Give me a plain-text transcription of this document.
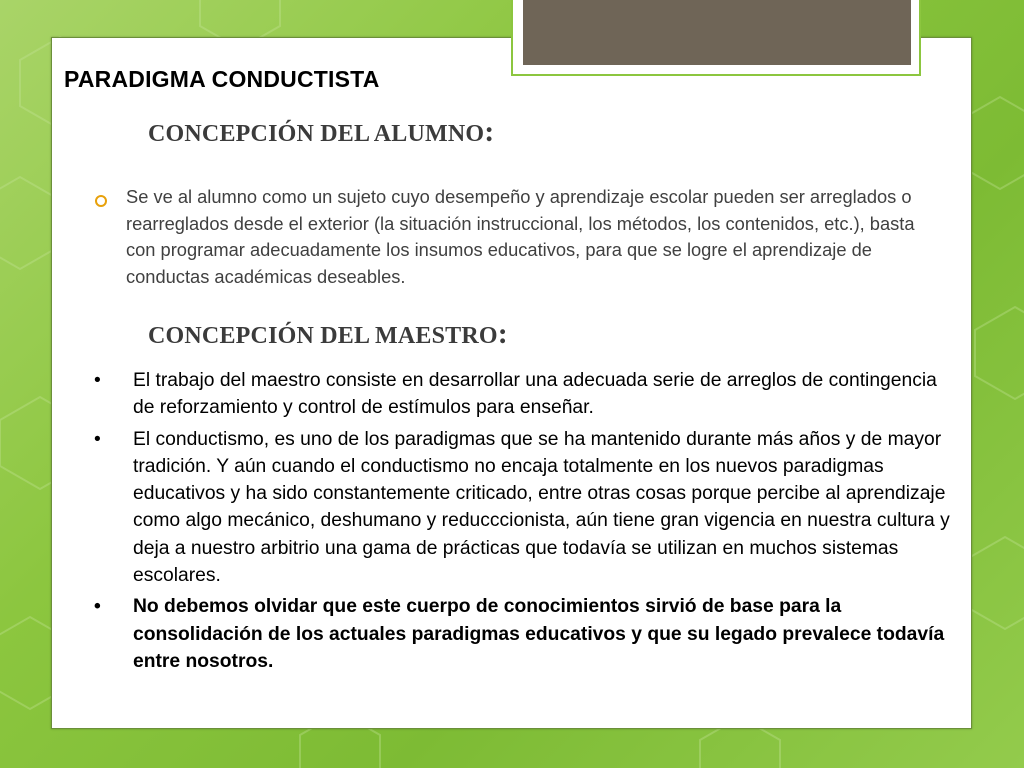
PARADIGMA CONDUCTISTA
CONCEPCIÓN DEL ALUMNO:

Se ve al alumno como un sujeto cuyo desempeño y aprendizaje escolar pueden ser arreglados o rearreglados desde el exterior (la situación instruccional, los métodos, los contenidos, etc.), basta con programar adecuadamente los insumos educativos, para que se logre el aprendizaje de conductas académicas deseables.

CONCEPCIÓN DEL MAESTRO:
• El trabajo del maestro consiste en desarrollar una adecuada serie de arreglos de contingencia de reforzamiento y control de estímulos para enseñar.
• El conductismo, es uno de los paradigmas que se ha mantenido durante más años y de mayor tradición. Y aún cuando el conductismo no encaja totalmente en los nuevos paradigmas educativos y ha sido constantemente criticado, entre otras cosas porque percibe al aprendizaje como algo mecánico, deshumano y reducccionista, aún tiene gran vigencia en nuestra cultura y deja a nuestro arbitrio una gama de prácticas que todavía se utilizan en muchos sistemas escolares.
• No debemos olvidar que este cuerpo de conocimientos sirvió de base para la consolidación de los actuales paradigmas educativos y que su legado prevalece todavía entre nosotros.
